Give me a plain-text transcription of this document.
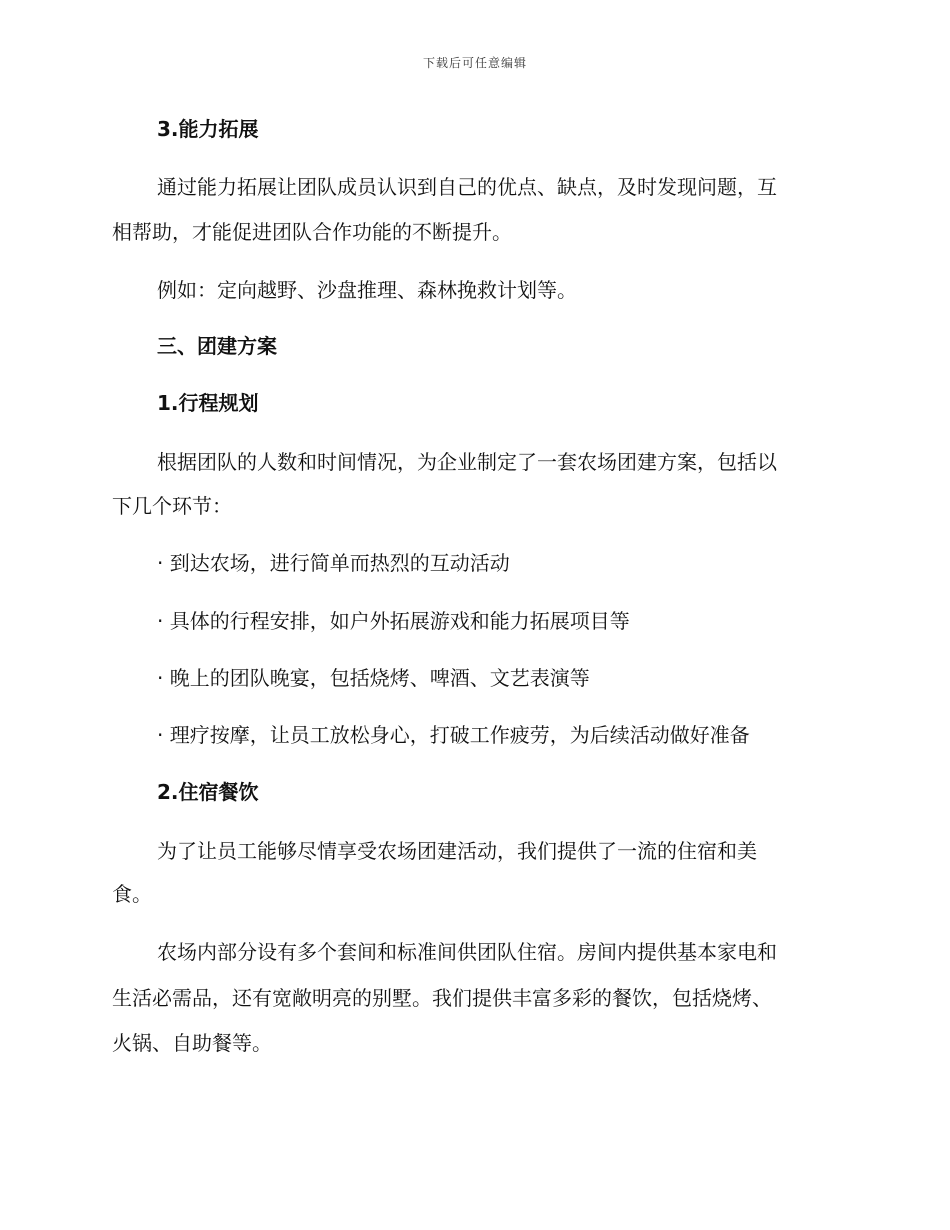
下载后可任意编辑
3.能力拓展
通过能力拓展让团队成员认识到自己的优点、缺点，及时发现问题，互
相帮助，才能促进团队合作功能的不断提升。
例如：定向越野、沙盘推理、森林挽救计划等。
三、团建方案
1.行程规划
根据团队的人数和时间情况，为企业制定了一套农场团建方案，包括以
下几个环节：
· 到达农场，进行简单而热烈的互动活动
· 具体的行程安排，如户外拓展游戏和能力拓展项目等
· 晚上的团队晚宴，包括烧烤、啤酒、文艺表演等
· 理疗按摩，让员工放松身心，打破工作疲劳，为后续活动做好准备
2.住宿餐饮
为了让员工能够尽情享受农场团建活动，我们提供了一流的住宿和美
食。
农场内部分设有多个套间和标准间供团队住宿。房间内提供基本家电和
生活必需品，还有宽敞明亮的别墅。我们提供丰富多彩的餐饮，包括烧烤、
火锅、自助餐等。
